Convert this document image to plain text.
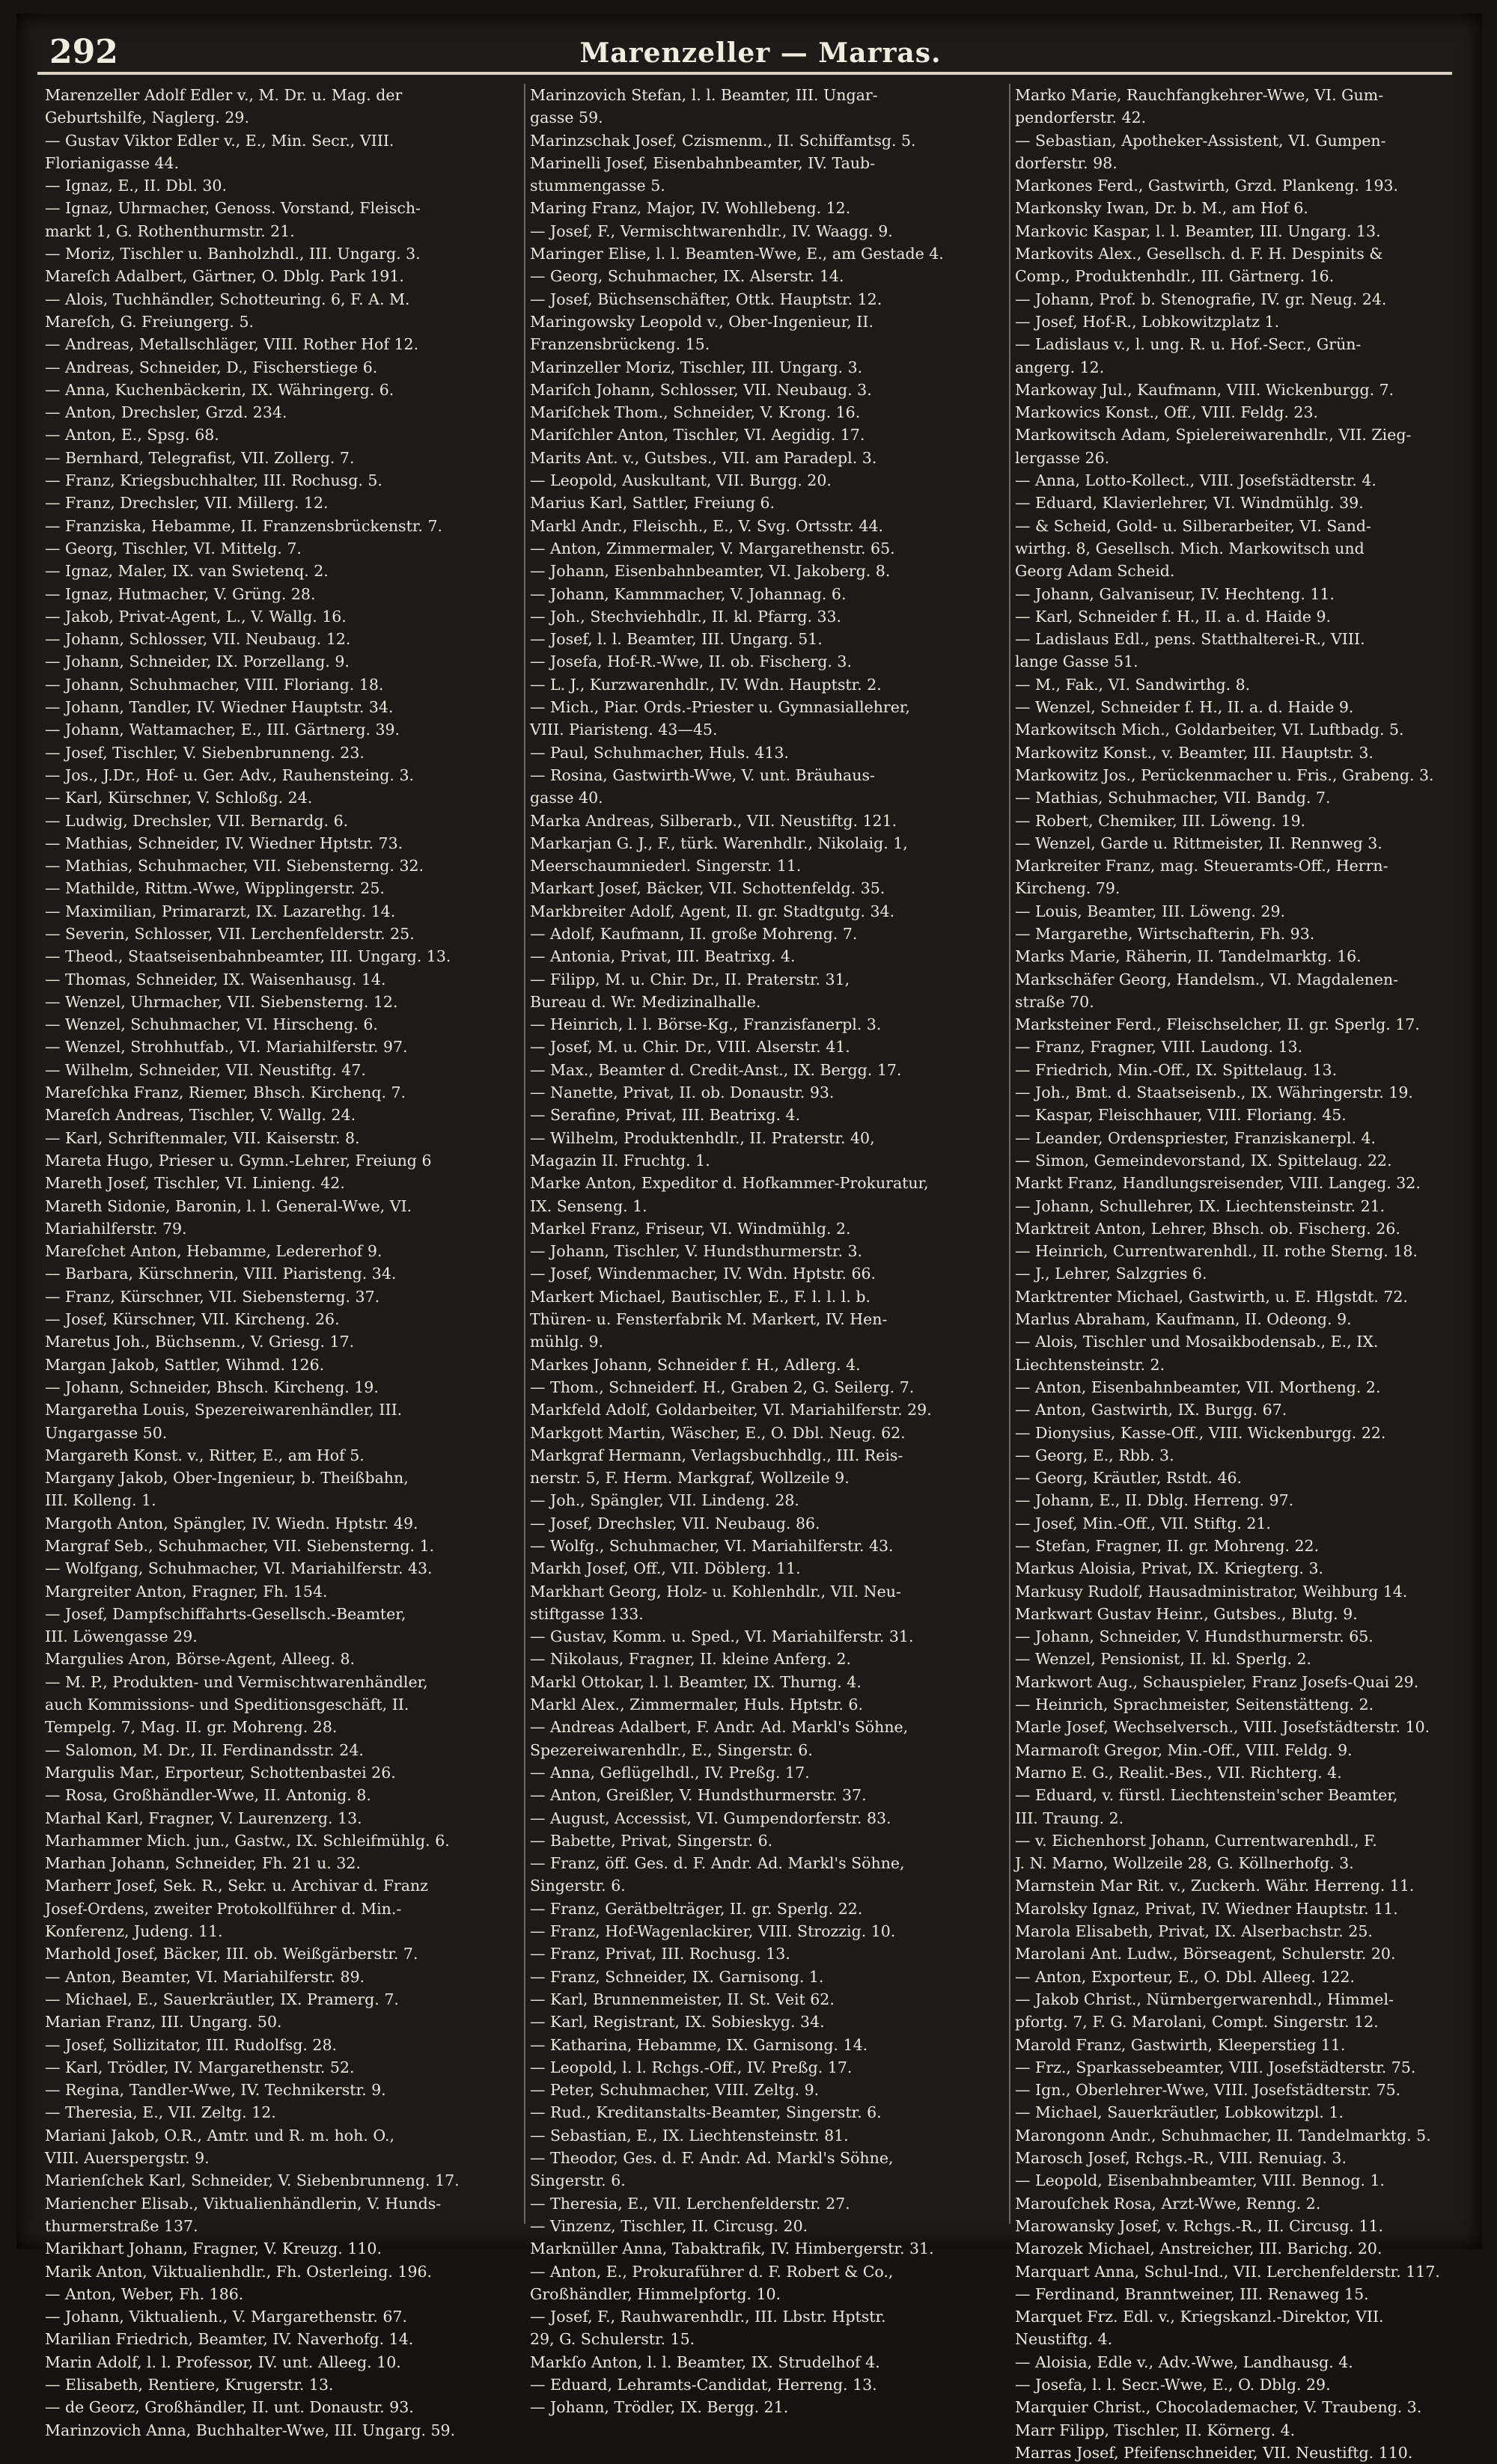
292	Marenzeller — Marras.
Marenzeller Adolf Edler v., M. Dr. u. Mag. der
Geburtshilfe, Naglerg. 29.
— Gustav Viktor Edler v., E., Min. Secr., VIII.
Florianigasse 44.
— Ignaz, E., II. Dbl. 30.
— Ignaz, Uhrmacher, Genoss. Vorstand, Fleisch-
markt 1, G. Rothenthurmstr. 21.
— Moriz, Tischler u. Banholzhdl., III. Ungarg. 3.
Mareſch Adalbert, Gärtner, O. Dblg. Park 191.
— Alois, Tuchhändler, Schotteuring. 6, F. A. M.
Mareſch, G. Freiungerg. 5.
— Andreas, Metallschläger, VIII. Rother Hof 12.
— Andreas, Schneider, D., Fischerstiege 6.
— Anna, Kuchenbäckerin, IX. Währingerg. 6.
— Anton, Drechsler, Grzd. 234.
— Anton, E., Spsg. 68.
— Bernhard, Telegrafist, VII. Zollerg. 7.
— Franz, Kriegsbuchhalter, III. Rochusg. 5.
— Franz, Drechsler, VII. Millerg. 12.
— Franziska, Hebamme, II. Franzensbrückenstr. 7.
— Georg, Tischler, VI. Mittelg. 7.
— Ignaz, Maler, IX. van Swietenq. 2.
— Ignaz, Hutmacher, V. Grüng. 28.
— Jakob, Privat-Agent, L., V. Wallg. 16.
— Johann, Schlosser, VII. Neubaug. 12.
— Johann, Schneider, IX. Porzellang. 9.
— Johann, Schuhmacher, VIII. Floriang. 18.
— Johann, Tandler, IV. Wiedner Hauptstr. 34.
— Johann, Wattamacher, E., III. Gärtnerg. 39.
— Josef, Tischler, V. Siebenbrunneng. 23.
— Jos., J.Dr., Hof- u. Ger. Adv., Rauhensteing. 3.
— Karl, Kürschner, V. Schloßg. 24.
— Ludwig, Drechsler, VII. Bernardg. 6.
— Mathias, Schneider, IV. Wiedner Hptstr. 73.
— Mathias, Schuhmacher, VII. Siebensterng. 32.
— Mathilde, Rittm.-Wwe, Wipplingerstr. 25.
— Maximilian, Primararzt, IX. Lazarethg. 14.
— Severin, Schlosser, VII. Lerchenfelderstr. 25.
— Theod., Staatseisenbahnbeamter, III. Ungarg. 13.
— Thomas, Schneider, IX. Waisenhausg. 14.
— Wenzel, Uhrmacher, VII. Siebensterng. 12.
— Wenzel, Schuhmacher, VI. Hirscheng. 6.
— Wenzel, Strohhutfab., VI. Mariahilferstr. 97.
— Wilhelm, Schneider, VII. Neustiftg. 47.
Mareſchka Franz, Riemer, Bhsch. Kirchenq. 7.
Mareſch Andreas, Tischler, V. Wallg. 24.
— Karl, Schriftenmaler, VII. Kaiserstr. 8.
Mareta Hugo, Prieser u. Gymn.-Lehrer, Freiung 6
Mareth Josef, Tischler, VI. Linieng. 42.
Mareth Sidonie, Baronin, l. l. General-Wwe, VI.
Mariahilferstr. 79.
Mareſchet Anton, Hebamme, Ledererhof 9.
— Barbara, Kürschnerin, VIII. Piaristeng. 34.
— Franz, Kürschner, VII. Siebensterng. 37.
— Josef, Kürschner, VII. Kircheng. 26.
Maretus Joh., Büchsenm., V. Griesg. 17.
Margan Jakob, Sattler, Wihmd. 126.
— Johann, Schneider, Bhsch. Kircheng. 19.
Margaretha Louis, Spezereiwarenhändler, III.
Ungargasse 50.
Margareth Konst. v., Ritter, E., am Hof 5.
Margany Jakob, Ober-Ingenieur, b. Theißbahn,
III. Kolleng. 1.
Margoth Anton, Spängler, IV. Wiedn. Hptstr. 49.
Margraf Seb., Schuhmacher, VII. Siebensterng. 1.
— Wolfgang, Schuhmacher, VI. Mariahilferstr. 43.
Margreiter Anton, Fragner, Fh. 154.
— Josef, Dampfschiffahrts-Gesellsch.-Beamter,
III. Löwengasse 29.
Margulies Aron, Börse-Agent, Alleeg. 8.
— M. P., Produkten- und Vermischtwarenhändler,
auch Kommissions- und Speditionsgeschäft, II.
Tempelg. 7, Mag. II. gr. Mohreng. 28.
— Salomon, M. Dr., II. Ferdinandsstr. 24.
Margulis Mar., Erporteur, Schottenbastei 26.
— Rosa, Großhändler-Wwe, II. Antonig. 8.
Marhal Karl, Fragner, V. Laurenzerg. 13.
Marhammer Mich. jun., Gastw., IX. Schleifmühlg. 6.
Marhan Johann, Schneider, Fh. 21 u. 32.
Marherr Josef, Sek. R., Sekr. u. Archivar d. Franz
Josef-Ordens, zweiter Protokollführer d. Min.-
Konferenz, Judeng. 11.
Marhold Josef, Bäcker, III. ob. Weißgärberstr. 7.
— Anton, Beamter, VI. Mariahilferstr. 89.
— Michael, E., Sauerkräutler, IX. Pramerg. 7.
Marian Franz, III. Ungarg. 50.
— Josef, Sollizitator, III. Rudolfsg. 28.
— Karl, Trödler, IV. Margarethenstr. 52.
— Regina, Tandler-Wwe, IV. Technikerstr. 9.
— Theresia, E., VII. Zeltg. 12.
Mariani Jakob, O.R., Amtr. und R. m. hoh. O.,
VIII. Auerspergstr. 9.
Marienſchek Karl, Schneider, V. Siebenbrunneng. 17.
Mariencher Elisab., Viktualienhändlerin, V. Hunds-
thurmerstraße 137.
Marikhart Johann, Fragner, V. Kreuzg. 110.
Marik Anton, Viktualienhdlr., Fh. Osterleing. 196.
— Anton, Weber, Fh. 186.
— Johann, Viktualienh., V. Margarethenstr. 67.
Marilian Friedrich, Beamter, IV. Naverhofg. 14.
Marin Adolf, l. l. Professor, IV. unt. Alleeg. 10.
— Elisabeth, Rentiere, Krugerstr. 13.
— de Georz, Großhändler, II. unt. Donaustr. 93.
Marinzovich Anna, Buchhalter-Wwe, III. Ungarg. 59.
Marinzovich Stefan, l. l. Beamter, III. Ungar-
gasse 59.
Marinzschak Josef, Czismenm., II. Schiffamtsg. 5.
Marinelli Josef, Eisenbahnbeamter, IV. Taub-
stummengasse 5.
Maring Franz, Major, IV. Wohllebeng. 12.
— Josef, F., Vermischtwarenhdlr., IV. Waagg. 9.
Maringer Elise, l. l. Beamten-Wwe, E., am Gestade 4.
— Georg, Schuhmacher, IX. Alserstr. 14.
— Josef, Büchsenschäfter, Ottk. Hauptstr. 12.
Maringowsky Leopold v., Ober-Ingenieur, II.
Franzensbrückeng. 15.
Marinzeller Moriz, Tischler, III. Ungarg. 3.
Mariſch Johann, Schlosser, VII. Neubaug. 3.
Mariſchek Thom., Schneider, V. Krong. 16.
Mariſchler Anton, Tischler, VI. Aegidig. 17.
Marits Ant. v., Gutsbes., VII. am Paradepl. 3.
— Leopold, Auskultant, VII. Burgg. 20.
Marius Karl, Sattler, Freiung 6.
Markl Andr., Fleischh., E., V. Svg. Ortsstr. 44.
— Anton, Zimmermaler, V. Margarethenstr. 65.
— Johann, Eisenbahnbeamter, VI. Jakoberg. 8.
— Johann, Kammmacher, V. Johannag. 6.
— Joh., Stechviehhdlr., II. kl. Pfarrg. 33.
— Josef, l. l. Beamter, III. Ungarg. 51.
— Josefa, Hof-R.-Wwe, II. ob. Fischerg. 3.
— L. J., Kurzwarenhdlr., IV. Wdn. Hauptstr. 2.
— Mich., Piar. Ords.-Priester u. Gymnasiallehrer,
VIII. Piaristeng. 43—45.
— Paul, Schuhmacher, Huls. 413.
— Rosina, Gastwirth-Wwe, V. unt. Bräuhaus-
gasse 40.
Marka Andreas, Silberarb., VII. Neustiftg. 121.
Markarjan G. J., F., türk. Warenhdlr., Nikolaig. 1,
Meerschaumniederl. Singerstr. 11.
Markart Josef, Bäcker, VII. Schottenfeldg. 35.
Markbreiter Adolf, Agent, II. gr. Stadtgutg. 34.
— Adolf, Kaufmann, II. große Mohreng. 7.
— Antonia, Privat, III. Beatrixg. 4.
— Filipp, M. u. Chir. Dr., II. Praterstr. 31,
Bureau d. Wr. Medizinalhalle.
— Heinrich, l. l. Börse-Kg., Franzisfanerpl. 3.
— Josef, M. u. Chir. Dr., VIII. Alserstr. 41.
— Max., Beamter d. Credit-Anst., IX. Bergg. 17.
— Nanette, Privat, II. ob. Donaustr. 93.
— Serafine, Privat, III. Beatrixg. 4.
— Wilhelm, Produktenhdlr., II. Praterstr. 40,
Magazin II. Fruchtg. 1.
Marke Anton, Expeditor d. Hofkammer-Prokuratur,
IX. Senseng. 1.
Markel Franz, Friseur, VI. Windmühlg. 2.
— Johann, Tischler, V. Hundsthurmerstr. 3.
— Josef, Windenmacher, IV. Wdn. Hptstr. 66.
Markert Michael, Bautischler, E., F. l. l. l. b.
Thüren- u. Fensterfabrik M. Markert, IV. Hen-
mühlg. 9.
Markes Johann, Schneider f. H., Adlerg. 4.
— Thom., Schneiderf. H., Graben 2, G. Seilerg. 7.
Markfeld Adolf, Goldarbeiter, VI. Mariahilferstr. 29.
Markgott Martin, Wäscher, E., O. Dbl. Neug. 62.
Markgraf Hermann, Verlagsbuchhdlg., III. Reis-
nerstr. 5, F. Herm. Markgraf, Wollzeile 9.
— Joh., Spängler, VII. Lindeng. 28.
— Josef, Drechsler, VII. Neubaug. 86.
— Wolfg., Schuhmacher, VI. Mariahilferstr. 43.
Markh Josef, Off., VII. Döblerg. 11.
Markhart Georg, Holz- u. Kohlenhdlr., VII. Neu-
stiftgasse 133.
— Gustav, Komm. u. Sped., VI. Mariahilferstr. 31.
— Nikolaus, Fragner, II. kleine Anferg. 2.
Markl Ottokar, l. l. Beamter, IX. Thurng. 4.
Markl Alex., Zimmermaler, Huls. Hptstr. 6.
— Andreas Adalbert, F. Andr. Ad. Markl's Söhne,
Spezereiwarenhdlr., E., Singerstr. 6.
— Anna, Geflügelhdl., IV. Preßg. 17.
— Anton, Greißler, V. Hundsthurmerstr. 37.
— August, Accessist, VI. Gumpendorferstr. 83.
— Babette, Privat, Singerstr. 6.
— Franz, öff. Ges. d. F. Andr. Ad. Markl's Söhne,
Singerstr. 6.
— Franz, Gerätbelträger, II. gr. Sperlg. 22.
— Franz, Hof-Wagenlackirer, VIII. Strozzig. 10.
— Franz, Privat, III. Rochusg. 13.
— Franz, Schneider, IX. Garnisong. 1.
— Karl, Brunnenmeister, II. St. Veit 62.
— Karl, Registrant, IX. Sobieskyg. 34.
— Katharina, Hebamme, IX. Garnisong. 14.
— Leopold, l. l. Rchgs.-Off., IV. Preßg. 17.
— Peter, Schuhmacher, VIII. Zeltg. 9.
— Rud., Kreditanstalts-Beamter, Singerstr. 6.
— Sebastian, E., IX. Liechtensteinstr. 81.
— Theodor, Ges. d. F. Andr. Ad. Markl's Söhne,
Singerstr. 6.
— Theresia, E., VII. Lerchenfelderstr. 27.
— Vinzenz, Tischler, II. Circusg. 20.
Marknüller Anna, Tabaktrafik, IV. Himbergerstr. 31.
— Anton, E., Prokuraführer d. F. Robert & Co.,
Großhändler, Himmelpfortg. 10.
— Josef, F., Rauhwarenhdlr., III. Lbstr. Hptstr.
29, G. Schulerstr. 15.
Markſo Anton, l. l. Beamter, IX. Strudelhof 4.
— Eduard, Lehramts-Candidat, Herreng. 13.
— Johann, Trödler, IX. Bergg. 21.
Marko Marie, Rauchfangkehrer-Wwe, VI. Gum-
pendorferstr. 42.
— Sebastian, Apotheker-Assistent, VI. Gumpen-
dorferstr. 98.
Markones Ferd., Gastwirth, Grzd. Plankeng. 193.
Markonsky Iwan, Dr. b. M., am Hof 6.
Markovic Kaspar, l. l. Beamter, III. Ungarg. 13.
Markovits Alex., Gesellsch. d. F. H. Despinits &
Comp., Produktenhdlr., III. Gärtnerg. 16.
— Johann, Prof. b. Stenografie, IV. gr. Neug. 24.
— Josef, Hof-R., Lobkowitzplatz 1.
— Ladislaus v., l. ung. R. u. Hof.-Secr., Grün-
angerg. 12.
Markoway Jul., Kaufmann, VIII. Wickenburgg. 7.
Markowics Konst., Off., VIII. Feldg. 23.
Markowitsch Adam, Spielereiwarenhdlr., VII. Zieg-
lergasse 26.
— Anna, Lotto-Kollect., VIII. Josefstädterstr. 4.
— Eduard, Klavierlehrer, VI. Windmühlg. 39.
— & Scheid, Gold- u. Silberarbeiter, VI. Sand-
wirthg. 8, Gesellsch. Mich. Markowitsch und
Georg Adam Scheid.
— Johann, Galvaniseur, IV. Hechteng. 11.
— Karl, Schneider f. H., II. a. d. Haide 9.
— Ladislaus Edl., pens. Statthalterei-R., VIII.
lange Gasse 51.
— M., Fak., VI. Sandwirthg. 8.
— Wenzel, Schneider f. H., II. a. d. Haide 9.
Markowitsch Mich., Goldarbeiter, VI. Luftbadg. 5.
Markowitz Konst., v. Beamter, III. Hauptstr. 3.
Markowitz Jos., Perückenmacher u. Fris., Grabeng. 3.
— Mathias, Schuhmacher, VII. Bandg. 7.
— Robert, Chemiker, III. Löweng. 19.
— Wenzel, Garde u. Rittmeister, II. Rennweg 3.
Markreiter Franz, mag. Steueramts-Off., Herrn-
Kircheng. 79.
— Louis, Beamter, III. Löweng. 29.
— Margarethe, Wirtschafterin, Fh. 93.
Marks Marie, Räherin, II. Tandelmarktg. 16.
Markschäfer Georg, Handelsm., VI. Magdalenen-
straße 70.
Marksteiner Ferd., Fleischselcher, II. gr. Sperlg. 17.
— Franz, Fragner, VIII. Laudong. 13.
— Friedrich, Min.-Off., IX. Spittelaug. 13.
— Joh., Bmt. d. Staatseisenb., IX. Währingerstr. 19.
— Kaspar, Fleischhauer, VIII. Floriang. 45.
— Leander, Ordenspriester, Franziskanerpl. 4.
— Simon, Gemeindevorstand, IX. Spittelaug. 22.
Markt Franz, Handlungsreisender, VIII. Langeg. 32.
— Johann, Schullehrer, IX. Liechtensteinstr. 21.
Marktreit Anton, Lehrer, Bhsch. ob. Fischerg. 26.
— Heinrich, Currentwarenhdl., II. rothe Sterng. 18.
— J., Lehrer, Salzgries 6.
Marktrenter Michael, Gastwirth, u. E. Hlgstdt. 72.
Marlus Abraham, Kaufmann, II. Odeong. 9.
— Alois, Tischler und Mosaikbodensab., E., IX.
Liechtensteinstr. 2.
— Anton, Eisenbahnbeamter, VII. Mortheng. 2.
— Anton, Gastwirth, IX. Burgg. 67.
— Dionysius, Kasse-Off., VIII. Wickenburgg. 22.
— Georg, E., Rbb. 3.
— Georg, Kräutler, Rstdt. 46.
— Johann, E., II. Dblg. Herreng. 97.
— Josef, Min.-Off., VII. Stiftg. 21.
— Stefan, Fragner, II. gr. Mohreng. 22.
Markus Aloisia, Privat, IX. Kriegterg. 3.
Markusy Rudolf, Hausadministrator, Weihburg 14.
Markwart Gustav Heinr., Gutsbes., Blutg. 9.
— Johann, Schneider, V. Hundsthurmerstr. 65.
— Wenzel, Pensionist, II. kl. Sperlg. 2.
Markwort Aug., Schauspieler, Franz Josefs-Quai 29.
— Heinrich, Sprachmeister, Seitenstätteng. 2.
Marle Josef, Wechselversch., VIII. Josefstädterstr. 10.
Marmaroſt Gregor, Min.-Off., VIII. Feldg. 9.
Marno E. G., Realit.-Bes., VII. Richterg. 4.
— Eduard, v. fürstl. Liechtenstein'scher Beamter,
III. Traung. 2.
— v. Eichenhorst Johann, Currentwarenhdl., F.
J. N. Marno, Wollzeile 28, G. Köllnerhofg. 3.
Marnstein Mar Rit. v., Zuckerh. Währ. Herreng. 11.
Marolsky Ignaz, Privat, IV. Wiedner Hauptstr. 11.
Marola Elisabeth, Privat, IX. Alserbachstr. 25.
Marolani Ant. Ludw., Börseagent, Schulerstr. 20.
— Anton, Exporteur, E., O. Dbl. Alleeg. 122.
— Jakob Christ., Nürnbergerwarenhdl., Himmel-
pfortg. 7, F. G. Marolani, Compt. Singerstr. 12.
Marold Franz, Gastwirth, Kleeperstieg 11.
— Frz., Sparkassebeamter, VIII. Josefstädterstr. 75.
— Ign., Oberlehrer-Wwe, VIII. Josefstädterstr. 75.
— Michael, Sauerkräutler, Lobkowitzpl. 1.
Marongonn Andr., Schuhmacher, II. Tandelmarktg. 5.
Marosch Josef, Rchgs.-R., VIII. Renuiag. 3.
— Leopold, Eisenbahnbeamter, VIII. Bennog. 1.
Marouſchek Rosa, Arzt-Wwe, Renng. 2.
Marowansky Josef, v. Rchgs.-R., II. Circusg. 11.
Marozek Michael, Anstreicher, III. Barichg. 20.
Marquart Anna, Schul-Ind., VII. Lerchenfelderstr. 117.
— Ferdinand, Branntweiner, III. Renaweg 15.
Marquet Frz. Edl. v., Kriegskanzl.-Direktor, VII.
Neustiftg. 4.
— Aloisia, Edle v., Adv.-Wwe, Landhausg. 4.
— Josefa, l. l. Secr.-Wwe, E., O. Dblg. 29.
Marquier Christ., Chocolademacher, V. Traubeng. 3.
Marr Filipp, Tischler, II. Körnerg. 4.
Marras Josef, Pfeifenschneider, VII. Neustiftg. 110.
